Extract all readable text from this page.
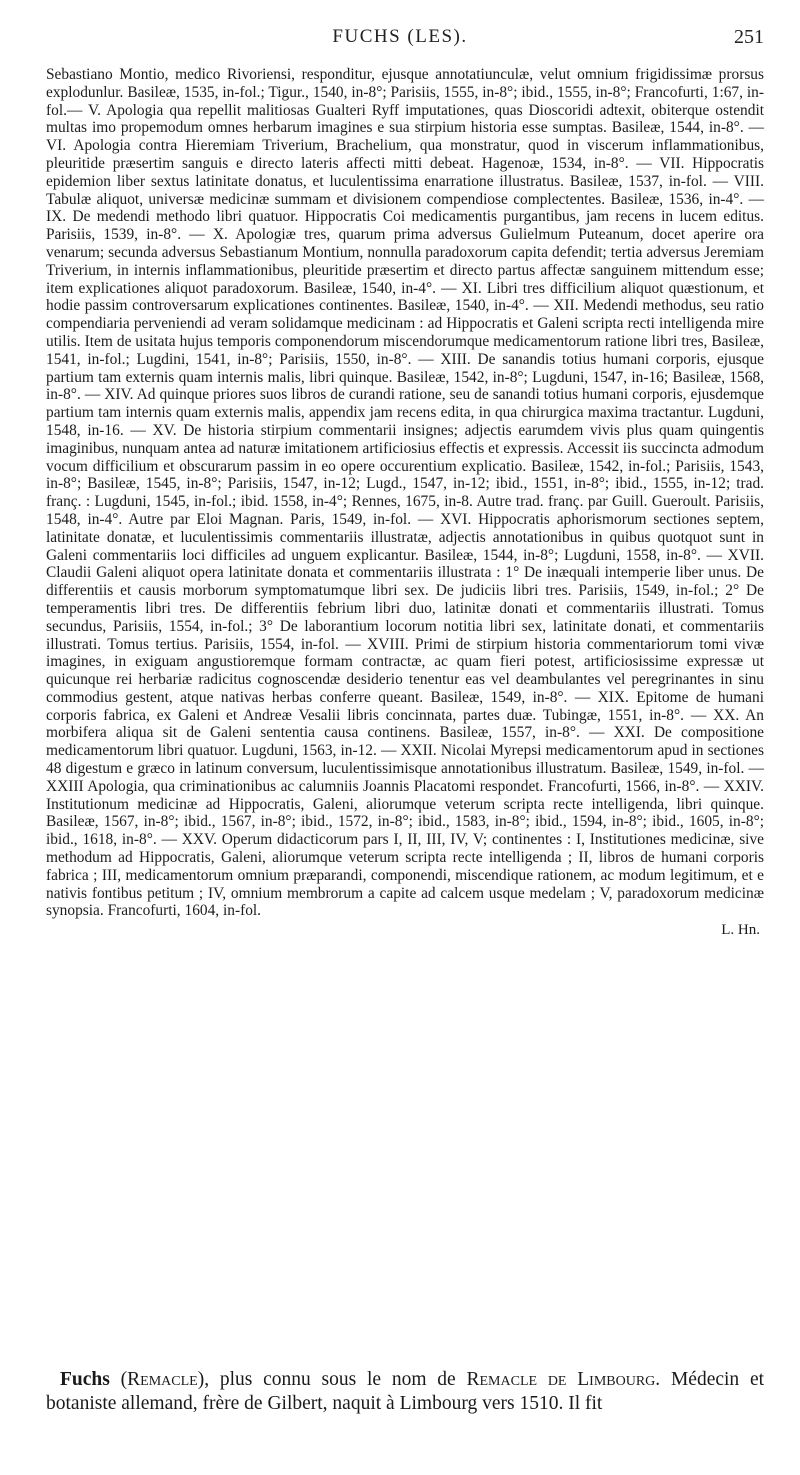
FUCHS (LES).	251
Sebastiano Montio, medico Rivoriensi, responditur, ejusque annotatiunculæ, velut omnium frigidissimæ prorsus explodunlur. Basileæ, 1535, in-fol.; Tigur., 1540, in-8°; Parisiis, 1555, in-8°; ibid., 1555, in-8°; Francofurti, 1:67, in-fol.— V. Apologia qua repellit malitiosas Gualteri Ryff imputationes, quas Dioscoridi adtexit, obiterque ostendit multas imo propemodum omnes herbarum imagines e sua stirpium historia esse sumptas. Basileæ, 1544, in-8°. — VI. Apologia contra Hieremiam Triverium, Brachelium, qua monstratur, quod in viscerum inflammationibus, pleuritide præsertim sanguis e directo lateris affecti mitti debeat. Hagenoæ, 1534, in-8°. — VII. Hippocratis epidemion liber sextus latinitate donatus, et luculentissima enarratione illustratus. Basileæ, 1537, in-fol. — VIII. Tabulæ aliquot, universæ medicinæ summam et divisionem compendiose complectentes. Basileæ, 1536, in-4°. — IX. De medendi methodo libri quatuor. Hippocratis Coi medicamentis purgantibus, jam recens in lucem editus. Parisiis, 1539, in-8°. — X. Apologiæ tres, quarum prima adversus Gulielmum Puteanum, docet aperire ora venarum; secunda adversus Sebastianum Montium, nonnulla paradoxorum capita defendit; tertia adversus Jeremiam Triverium, in internis inflammationibus, pleuritide præsertim et directo partus affectæ sanguinem mittendum esse; item explicationes aliquot paradoxorum. Basileæ, 1540, in-4°. — XI. Libri tres difficilium aliquot quæstionum, et hodie passim controversarum explicationes continentes. Basileæ, 1540, in-4°. — XII. Medendi methodus, seu ratio compendiaria perveniendi ad veram solidamque medicinam : ad Hippocratis et Galeni scripta recti intelligenda mire utilis. Item de usitata hujus temporis componendorum miscendorumque medicamentorum ratione libri tres, Basileæ, 1541, in-fol.; Lugdini, 1541, in-8°; Parisiis, 1550, in-8°. — XIII. De sanandis totius humani corporis, ejusque partium tam externis quam internis malis, libri quinque. Basileæ, 1542, in-8°; Lugduni, 1547, in-16; Basileæ, 1568, in-8°. — XIV. Ad quinque priores suos libros de curandi ratione, seu de sanandi totius humani corporis, ejusdemque partium tam internis quam externis malis, appendix jam recens edita, in qua chirurgica maxima tractantur. Lugduni, 1548, in-16. — XV. De historia stirpium commentarii insignes; adjectis earumdem vivis plus quam quingentis imaginibus, nunquam antea ad naturæ imitationem artificiosius effectis et expressis. Accessit iis succincta admodum vocum difficilium et obscurarum passim in eo opere occurentium explicatio. Basileæ, 1542, in-fol.; Parisiis, 1543, in-8°; Basileæ, 1545, in-8°; Parisiis, 1547, in-12; Lugd., 1547, in-12; ibid., 1551, in-8°; ibid., 1555, in-12; trad. franç. : Lugduni, 1545, in-fol.; ibid. 1558, in-4°; Rennes, 1675, in-8. Autre trad. franç. par Guill. Gueroult. Parisiis, 1548, in-4°. Autre par Eloi Magnan. Paris, 1549, in-fol. — XVI. Hippocratis aphorismorum sectiones septem, latinitate donatæ, et luculentissimis commentariis illustratæ, adjectis annotationibus in quibus quotquot sunt in Galeni commentariis loci difficiles ad unguem explicantur. Basileæ, 1544, in-8°; Lugduni, 1558, in-8°. — XVII. Claudii Galeni aliquot opera latinitate donata et commentariis illustrata : 1° De inæquali intemperie liber unus. De differentiis et causis morborum symptomatumque libri sex. De judiciis libri tres. Parisiis, 1549, in-fol.; 2° De temperamentis libri tres. De differentiis febrium libri duo, latinitæ donati et commentariis illustrati. Tomus secundus, Parisiis, 1554, in-fol.; 3° De laborantium locorum notitia libri sex, latinitate donati, et commentariis illustrati. Tomus tertius. Parisiis, 1554, in-fol. — XVIII. Primi de stirpium historia commentariorum tomi vivæ imagines, in exiguam angustioremque formam contractæ, ac quam fieri potest, artificiosissime expressæ ut quicunque rei herbariæ radicitus cognoscendæ desiderio tenentur eas vel deambulantes vel peregrinantes in sinu commodius gestent, atque nativas herbas conferre queant. Basileæ, 1549, in-8°. — XIX. Epitome de humani corporis fabrica, ex Galeni et Andreæ Vesalii libris concinnata, partes duæ. Tubingæ, 1551, in-8°. — XX. An morbifera aliqua sit de Galeni sententia causa continens. Basileæ, 1557, in-8°. — XXI. De compositione medicamentorum libri quatuor. Lugduni, 1563, in-12. — XXII. Nicolai Myrepsi medicamentorum apud in sectiones 48 digestum e græco in latinum conversum, luculentissimisque annotationibus illustratum. Basileæ, 1549, in-fol. — XXIII Apologia, qua criminationibus ac calumniis Joannis Placatomi respondet. Francofurti, 1566, in-8°. — XXIV. Institutionum medicinæ ad Hippocratis, Galeni, aliorumque veterum scripta recte intelligenda, libri quinque. Basileæ, 1567, in-8°; ibid., 1567, in-8°; ibid., 1572, in-8°; ibid., 1583, in-8°; ibid., 1594, in-8°; ibid., 1605, in-8°; ibid., 1618, in-8°. — XXV. Operum didacticorum pars I, II, III, IV, V; continentes : I, Institutiones medicinæ, sive methodum ad Hippocratis, Galeni, aliorumque veterum scripta recte intelligenda ; II, libros de humani corporis fabrica ; III, medicamentorum omnium præparandi, componendi, miscendique rationem, ac modum legitimum, et e nativis fontibus petitum ; IV, omnium membrorum a capite ad calcem usque medelam ; V, paradoxorum medicinæ synopsia. Francofurti, 1604, in-fol.
L. Hn.
Fuchs (Remacle), plus connu sous le nom de Remacle de Limbourg. Médecin et botaniste allemand, frère de Gilbert, naquit à Limbourg vers 1510. Il fit
